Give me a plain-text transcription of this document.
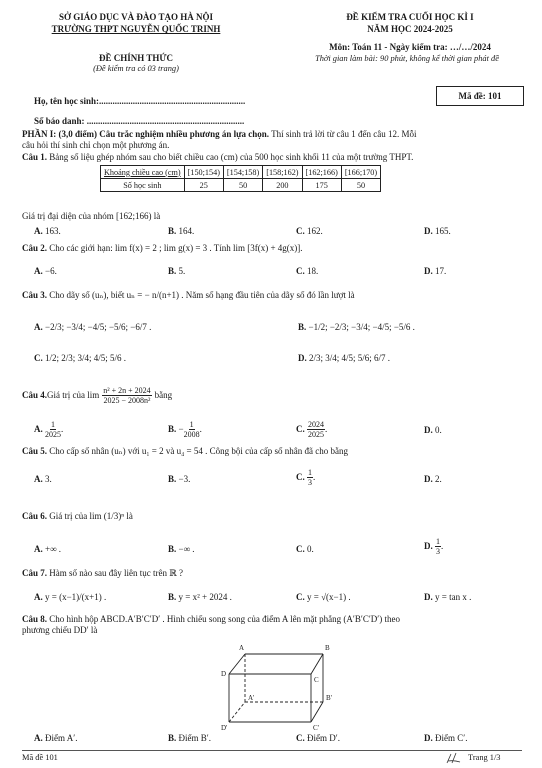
SỞ GIÁO DỤC VÀ ĐÀO TẠO HÀ NỘI
TRƯỜNG THPT NGUYỄN QUỐC TRINH
ĐỀ CHÍNH THỨC
(Đề kiểm tra có 03 trang)
ĐỀ KIỂM TRA CUỐI HỌC KÌ I
NĂM HỌC 2024-2025
Môn: Toán 11 - Ngày kiểm tra: …/…/2024
Thời gian làm bài: 90 phút, không kể thời gian phát đề
Họ, tên học sinh:.................................................................
Số báo danh: ......................................................................
Mã đề: 101
PHẦN I: (3,0 điểm) Câu trắc nghiệm nhiều phương án lựa chọn. Thí sinh trả lời từ câu 1 đến câu 12. Mỗi
câu hỏi thí sinh chỉ chọn một phương án.
Câu 1. Bảng số liệu ghép nhóm sau cho biết chiều cao (cm) của 500 học sinh khối 11 của một trường THPT.
Khoảng chiều cao (cm)	[150;154)	[154;158)	[158;162)	[162;166)	[166;170)
Số học sinh	25	50	200	175	50
Giá trị đại diện của nhóm [162;166) là
A. 163.	B. 164.	C. 162.	D. 165.
Câu 2. Cho các giới hạn: lim f(x) = 2 ; lim g(x) = 3 . Tính lim [3f(x) + 4g(x)].
A. −6.	B. 5.	C. 18.	D. 17.
Câu 3. Cho dãy số (uₙ), biết uₙ = − n/(n+1) . Năm số hạng đầu tiên của dãy số đó lần lượt là
A. −2/3; −3/4; −4/5; −5/6; −6/7 .	B. −1/2; −2/3; −3/4; −4/5; −5/6 .
C. 1/2; 2/3; 3/4; 4/5; 5/6 .	D. 2/3; 3/4; 4/5; 5/6; 6/7 .
Câu 4. Giá trị của $\lim \frac{\text{n² + 2n + 2024}}{\text{2025 − 2008n²}}$ bằng
A. $\frac{1}{2025}$ .	B. − $\frac{1}{2008}$ .	C. $\frac{2024}{2025}$ .	D. 0.
Câu 5. Cho cấp số nhân (uₙ) với u₁ = 2 và u₄ = 54 . Công bội của cấp số nhân đã cho bằng
A. 3.	B. −3.	C. $\frac{1}{3}$ .	D. 2.
Câu 6. Giá trị của lim (1/3)ⁿ là
A. +∞ .	B. −∞ .	C. 0.	D. $\frac{1}{3}$ .
Câu 7. Hàm số nào sau đây liên tục trên ℝ ?
A. y = (x−1)/(x+1) .	B. y = x² + 2024 .	C. y = √(x−1) .	D. y = tan x .
Câu 8. Cho hình hộp ABCD.A′B′C′D′ . Hình chiếu song song của điểm A lên mặt phẳng (A′B′C′D′) theo
phương chiếu DD′ là
A	B
C
D
A'	B'
C'
D'
A. Điểm A′.	B. Điểm B′.	C. Điểm D′.	D. Điểm C′.
Mã đề 101	Trang 1/3
